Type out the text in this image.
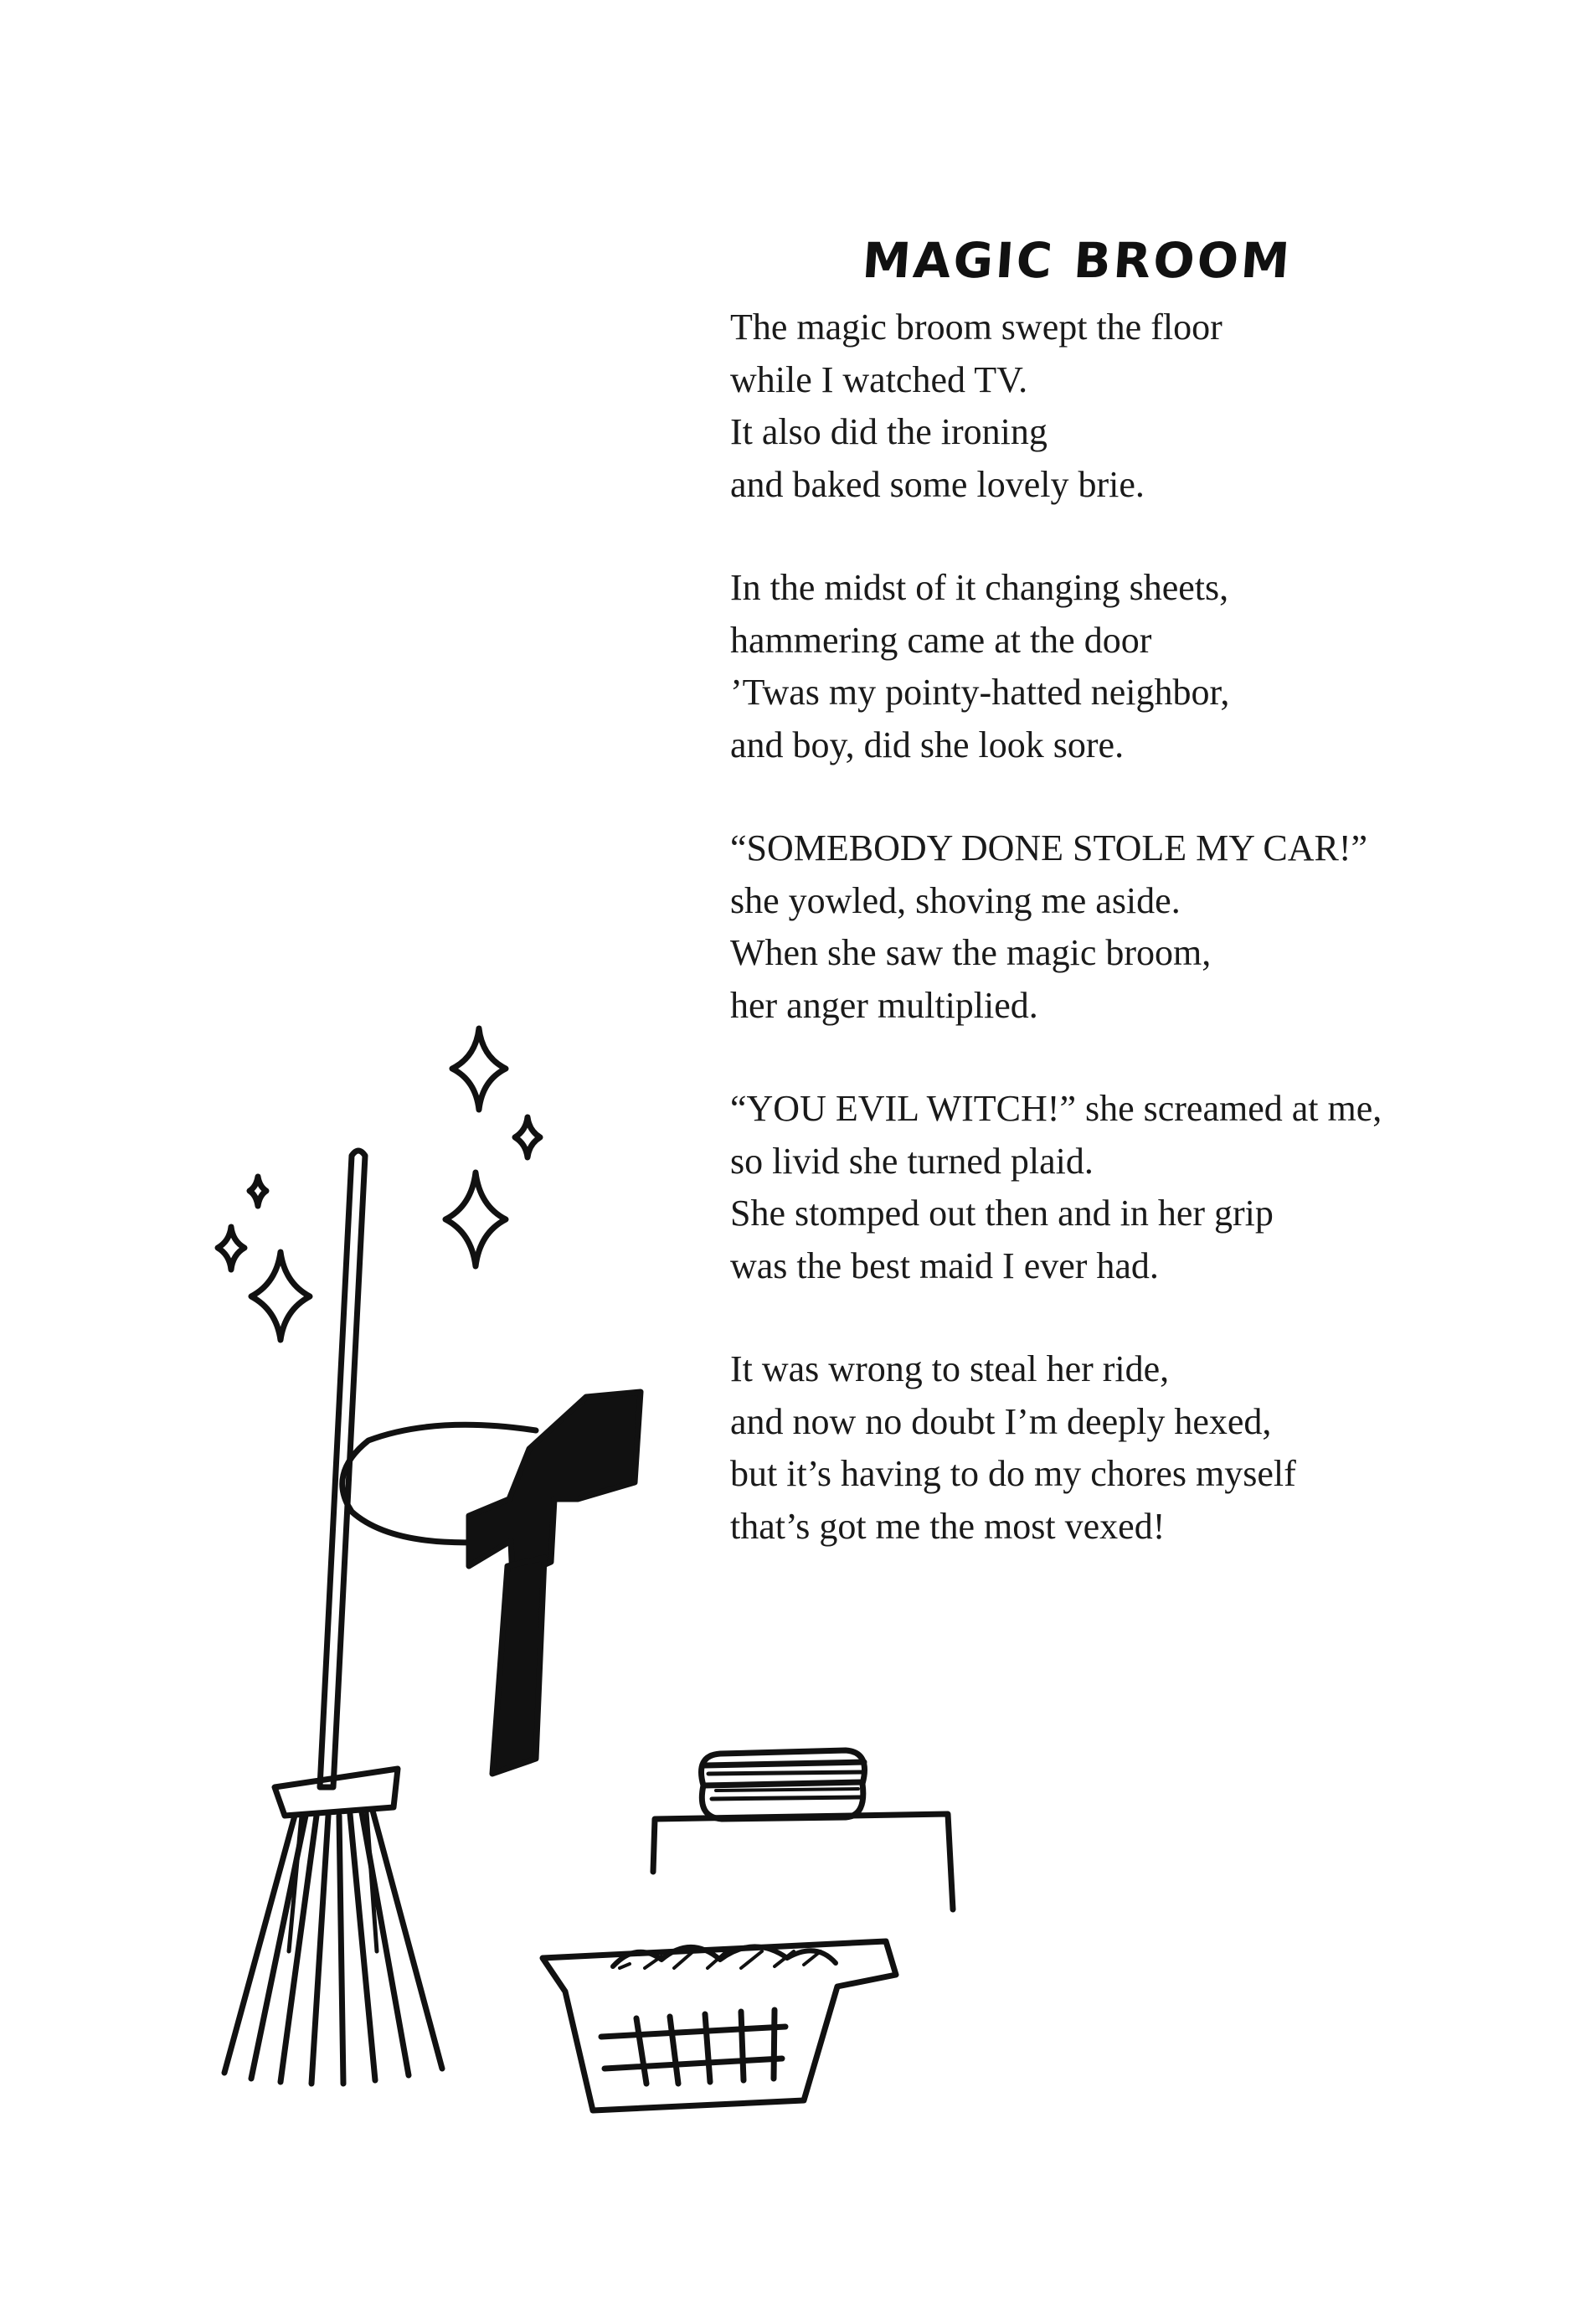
MAGIC BROOM
The magic broom swept the floor
while I watched TV.
It also did the ironing
and baked some lovely brie.
In the midst of it changing sheets,
hammering came at the door
’Twas my pointy-hatted neighbor,
and boy, did she look sore.
“SOMEBODY DONE STOLE MY CAR!”
she yowled, shoving me aside.
When she saw the magic broom,
her anger multiplied.
“YOU EVIL WITCH!” she screamed at me,
so livid she turned plaid.
She stomped out then and in her grip
was the best maid I ever had.
It was wrong to steal her ride,
and now no doubt I’m deeply hexed,
but it’s having to do my chores myself
that’s got me the most vexed!
